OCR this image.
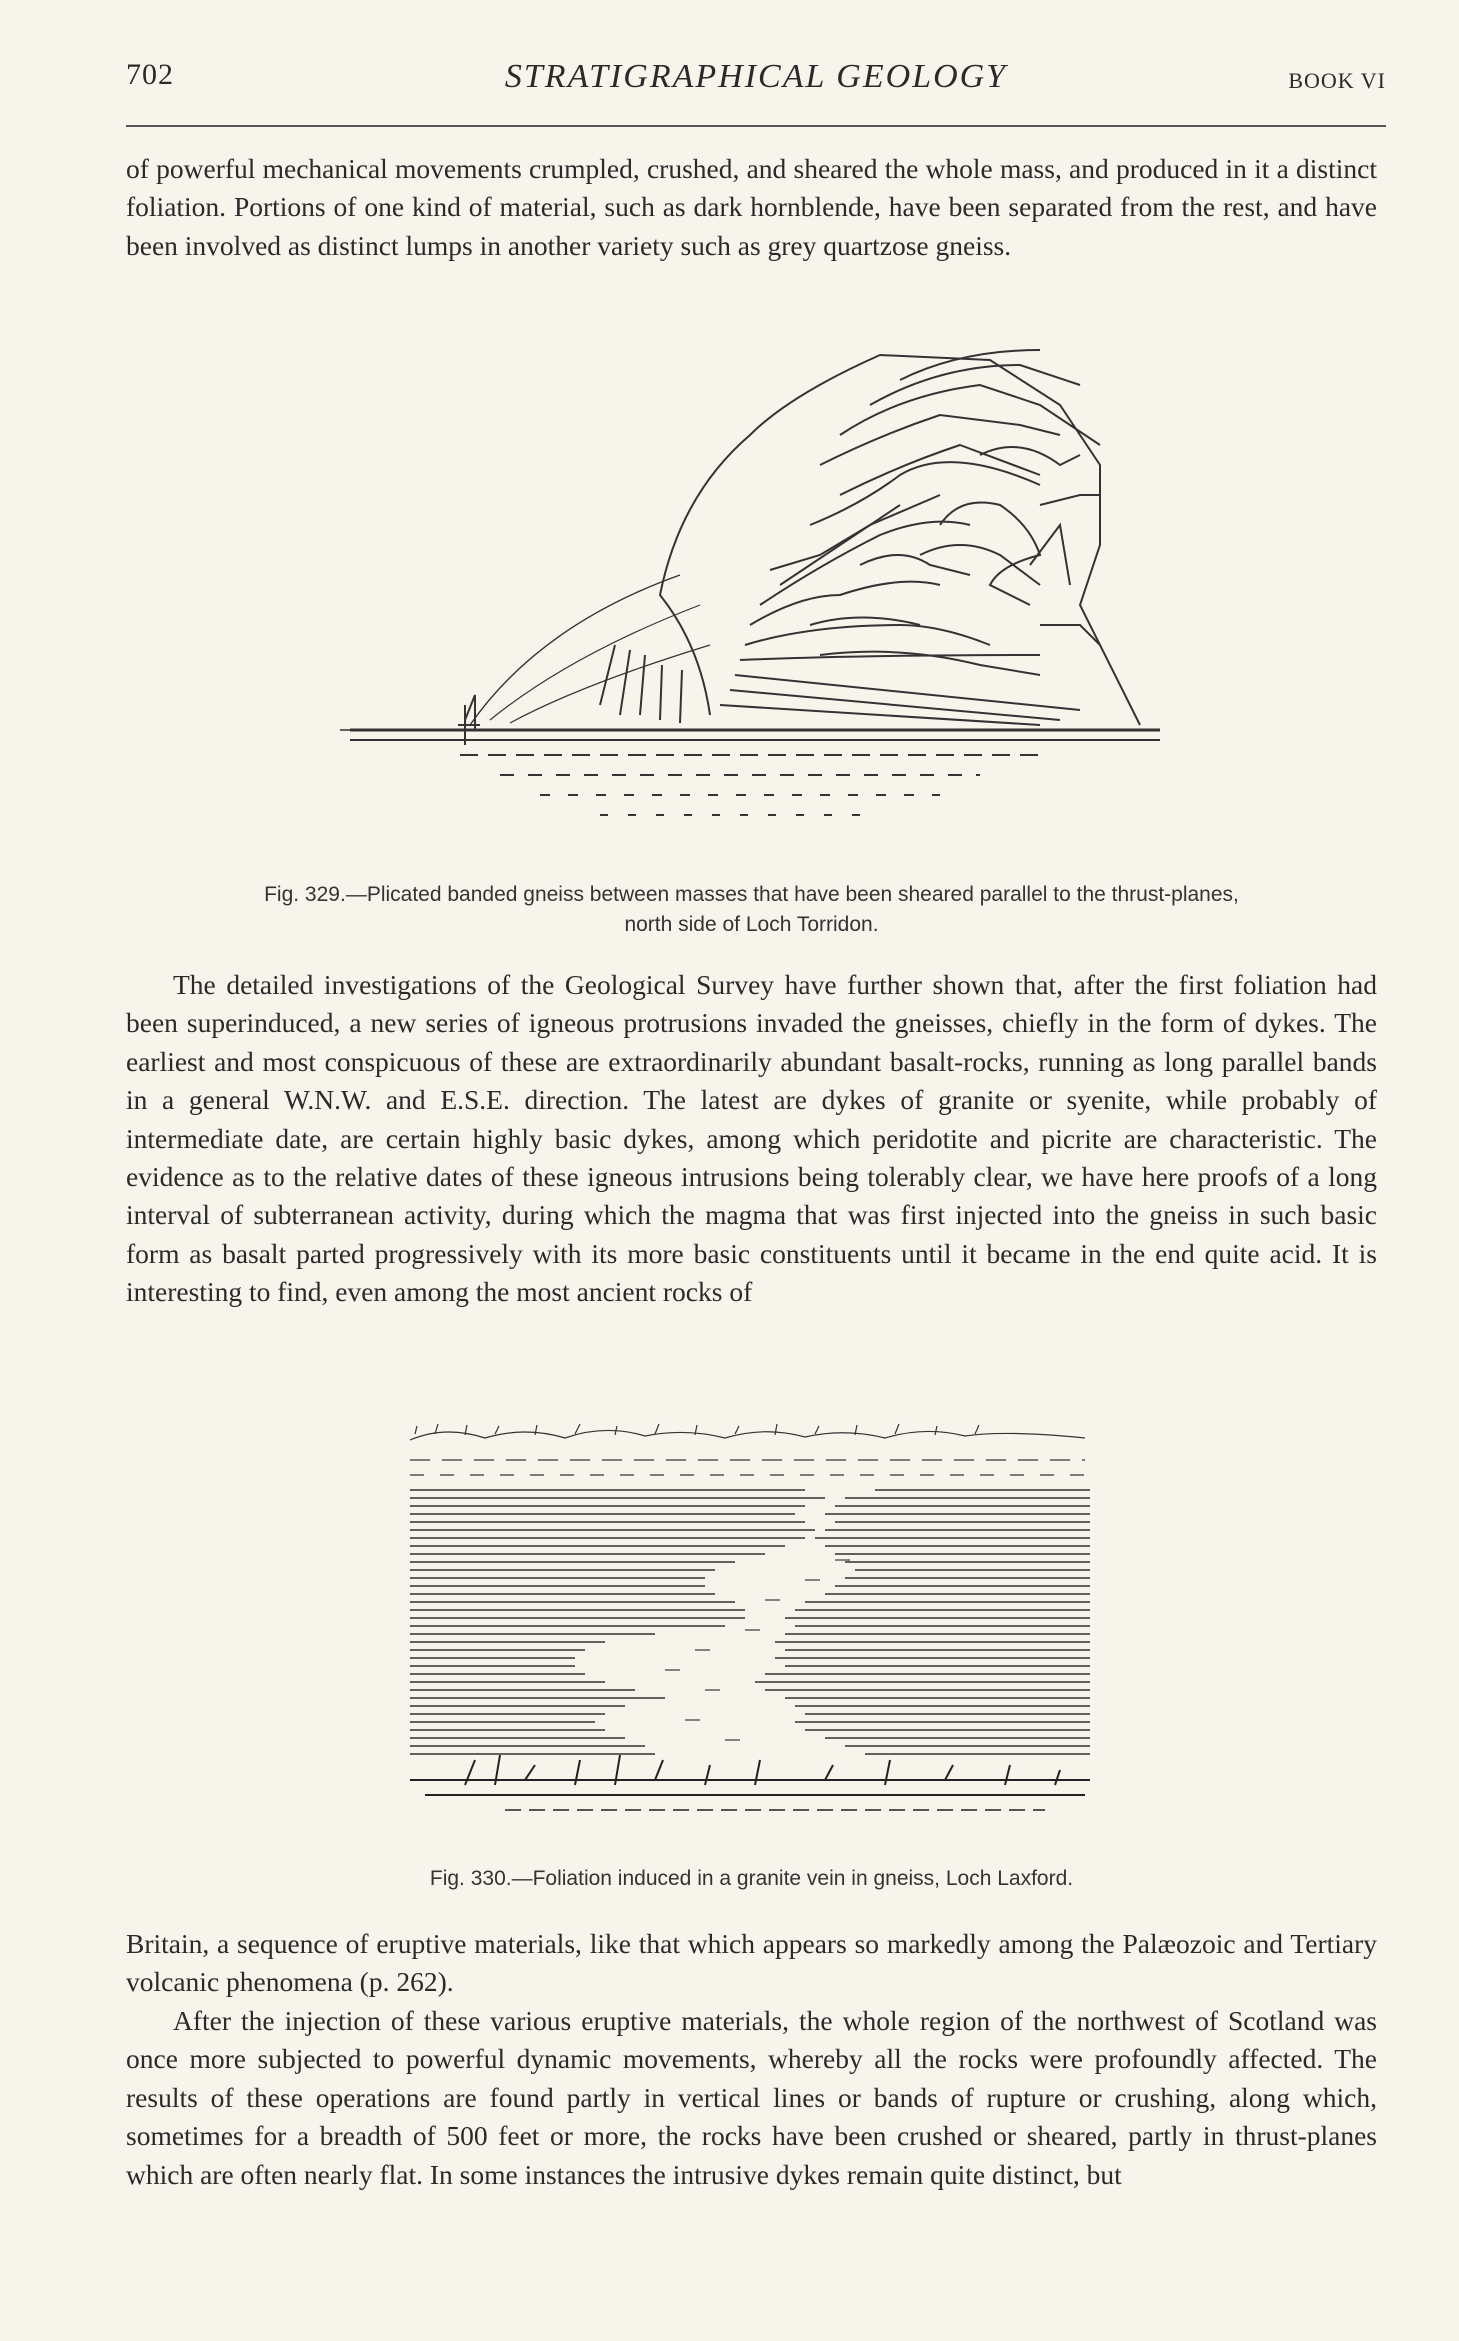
702	STRATIGRAPHICAL GEOLOGY	BOOK VI

of powerful mechanical movements crumpled, crushed, and sheared the whole mass, and produced in it a distinct foliation. Portions of one kind of material, such as dark hornblende, have been separated from the rest, and have been involved as distinct lumps in another variety such as grey quartzose gneiss.

Fig. 329.—Plicated banded gneiss between masses that have been sheared parallel to the thrust-planes,
north side of Loch Torridon.

The detailed investigations of the Geological Survey have further shown that, after the first foliation had been superinduced, a new series of igneous protrusions invaded the gneisses, chiefly in the form of dykes. The earliest and most conspicuous of these are extraordinarily abundant basalt-rocks, running as long parallel bands in a general W.N.W. and E.S.E. direction. The latest are dykes of granite or syenite, while probably of intermediate date, are certain highly basic dykes, among which peridotite and picrite are characteristic. The evidence as to the relative dates of these igneous intrusions being tolerably clear, we have here proofs of a long interval of subterranean activity, during which the magma that was first injected into the gneiss in such basic form as basalt parted progressively with its more basic constituents until it became in the end quite acid. It is interesting to find, even among the most ancient rocks of

Fig. 330.—Foliation induced in a granite vein in gneiss, Loch Laxford.

Britain, a sequence of eruptive materials, like that which appears so markedly among the Palæozoic and Tertiary volcanic phenomena (p. 262).

After the injection of these various eruptive materials, the whole region of the northwest of Scotland was once more subjected to powerful dynamic movements, whereby all the rocks were profoundly affected. The results of these operations are found partly in vertical lines or bands of rupture or crushing, along which, sometimes for a breadth of 500 feet or more, the rocks have been crushed or sheared, partly in thrust-planes which are often nearly flat. In some instances the intrusive dykes remain quite distinct, but
